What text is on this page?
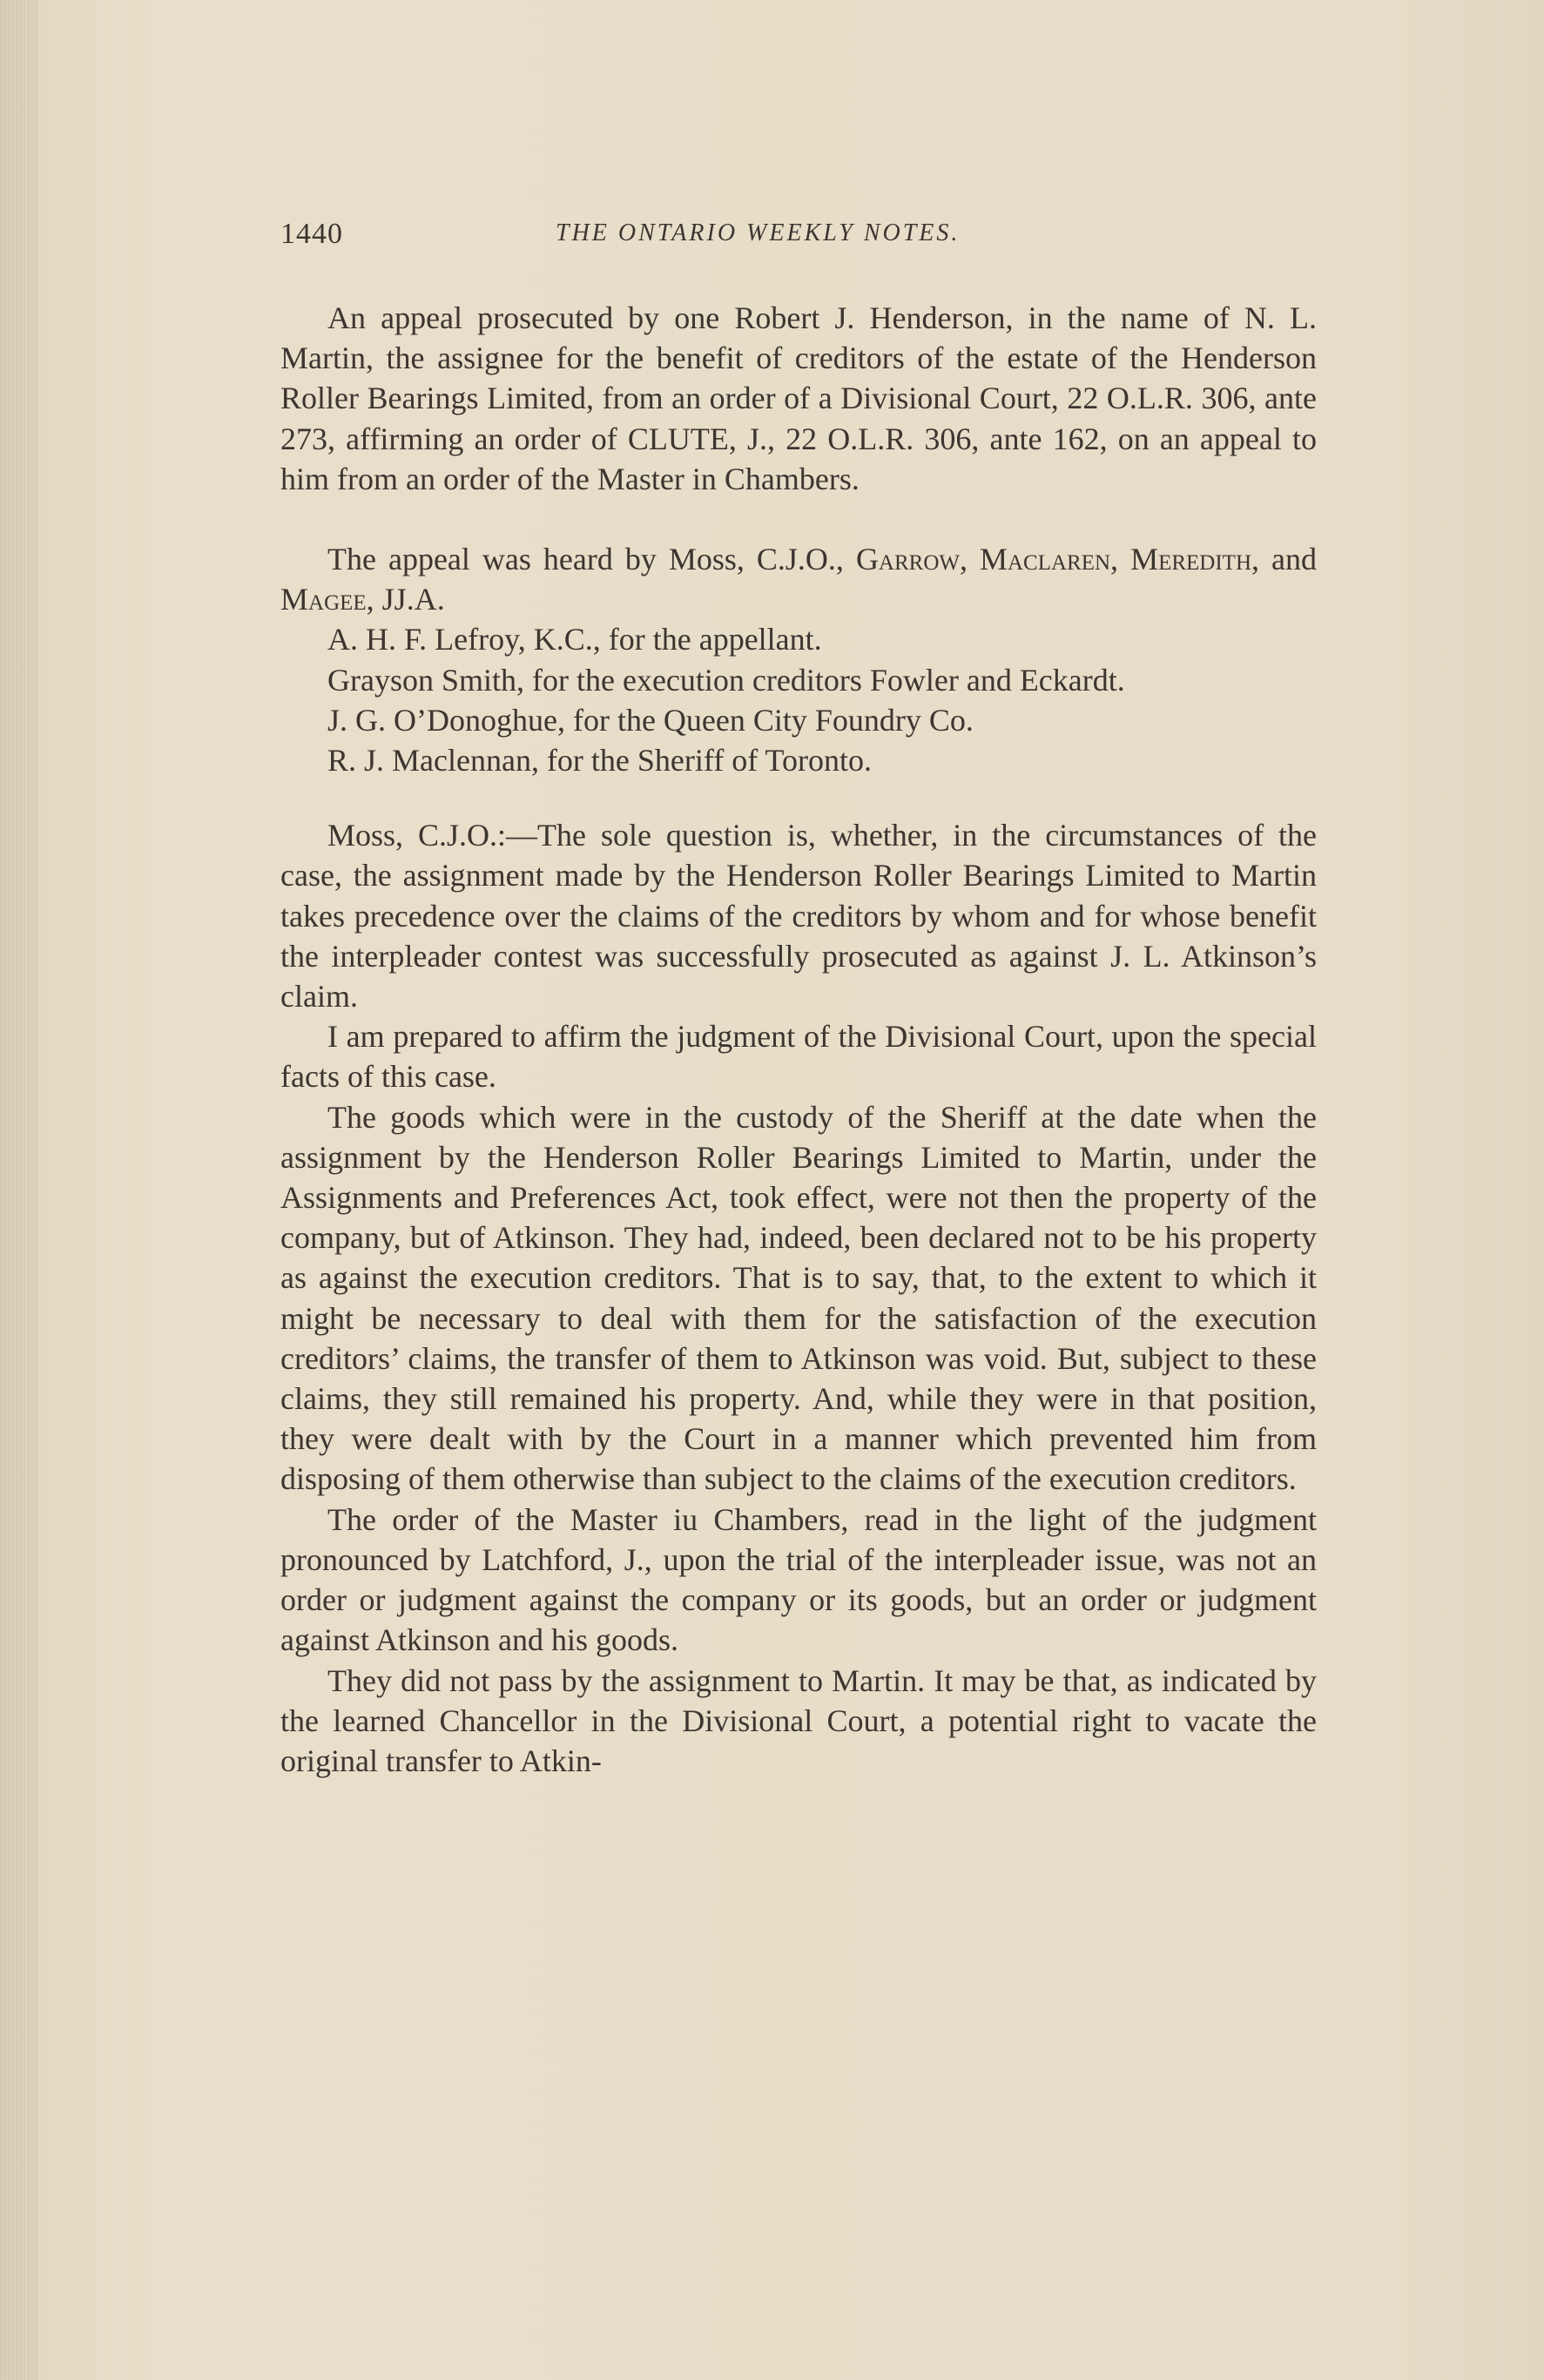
1440	THE ONTARIO WEEKLY NOTES.

An appeal prosecuted by one Robert J. Henderson, in the name of N. L. Martin, the assignee for the benefit of creditors of the estate of the Henderson Roller Bearings Limited, from an order of a Divisional Court, 22 O.L.R. 306, ante 273, affirming an order of CLUTE, J., 22 O.L.R. 306, ante 162, on an appeal to him from an order of the Master in Chambers.

The appeal was heard by Moss, C.J.O., Garrow, Maclaren, Meredith, and Magee, JJ.A.

A. H. F. Lefroy, K.C., for the appellant.

Grayson Smith, for the execution creditors Fowler and Eckardt.

J. G. O’Donoghue, for the Queen City Foundry Co.

R. J. Maclennan, for the Sheriff of Toronto.

Moss, C.J.O.:—The sole question is, whether, in the circumstances of the case, the assignment made by the Henderson Roller Bearings Limited to Martin takes precedence over the claims of the creditors by whom and for whose benefit the interpleader contest was successfully prosecuted as against J. L. Atkinson’s claim.

I am prepared to affirm the judgment of the Divisional Court, upon the special facts of this case.

The goods which were in the custody of the Sheriff at the date when the assignment by the Henderson Roller Bearings Limited to Martin, under the Assignments and Preferences Act, took effect, were not then the property of the company, but of Atkinson. They had, indeed, been declared not to be his property as against the execution creditors. That is to say, that, to the extent to which it might be necessary to deal with them for the satisfaction of the execution creditors’ claims, the transfer of them to Atkinson was void. But, subject to these claims, they still remained his property. And, while they were in that position, they were dealt with by the Court in a manner which prevented him from disposing of them otherwise than subject to the claims of the execution creditors.

The order of the Master iu Chambers, read in the light of the judgment pronounced by Latchford, J., upon the trial of the interpleader issue, was not an order or judgment against the company or its goods, but an order or judgment against Atkinson and his goods.

They did not pass by the assignment to Martin. It may be that, as indicated by the learned Chancellor in the Divisional Court, a potential right to vacate the original transfer to Atkin-
